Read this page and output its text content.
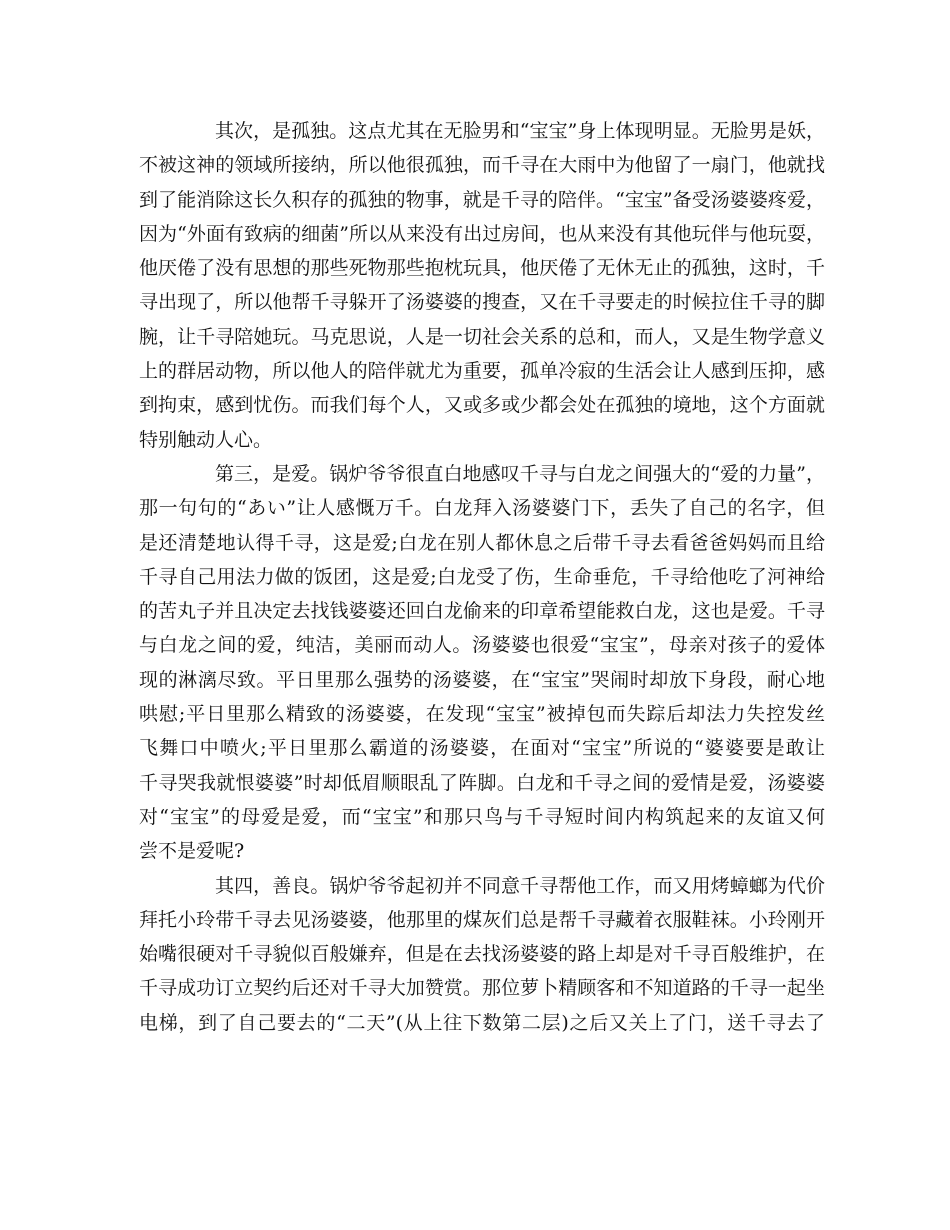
其次，是孤独。这点尤其在无脸男和“宝宝”身上体现明显。无脸男是妖，
不被这神的领域所接纳，所以他很孤独，而千寻在大雨中为他留了一扇门，他就找
到了能消除这长久积存的孤独的物事，就是千寻的陪伴。“宝宝”备受汤婆婆疼爱，
因为“外面有致病的细菌”所以从来没有出过房间，也从来没有其他玩伴与他玩耍，
他厌倦了没有思想的那些死物那些抱枕玩具，他厌倦了无休无止的孤独，这时，千
寻出现了，所以他帮千寻躲开了汤婆婆的搜查，又在千寻要走的时候拉住千寻的脚
腕，让千寻陪她玩。马克思说，人是一切社会关系的总和，而人，又是生物学意义
上的群居动物，所以他人的陪伴就尤为重要，孤单冷寂的生活会让人感到压抑，感
到拘束，感到忧伤。而我们每个人，又或多或少都会处在孤独的境地，这个方面就
特别触动人心。
第三，是爱。锅炉爷爷很直白地感叹千寻与白龙之间强大的“爱的力量”，
那一句句的“あい”让人感慨万千。白龙拜入汤婆婆门下，丢失了自己的名字，但
是还清楚地认得千寻，这是爱;白龙在别人都休息之后带千寻去看爸爸妈妈而且给
千寻自己用法力做的饭团，这是爱;白龙受了伤，生命垂危，千寻给他吃了河神给
的苦丸子并且决定去找钱婆婆还回白龙偷来的印章希望能救白龙，这也是爱。千寻
与白龙之间的爱，纯洁，美丽而动人。汤婆婆也很爱“宝宝”，母亲对孩子的爱体
现的淋漓尽致。平日里那么强势的汤婆婆，在“宝宝”哭闹时却放下身段，耐心地
哄慰;平日里那么精致的汤婆婆，在发现“宝宝”被掉包而失踪后却法力失控发丝
飞舞口中喷火;平日里那么霸道的汤婆婆，在面对“宝宝”所说的“婆婆要是敢让
千寻哭我就恨婆婆”时却低眉顺眼乱了阵脚。白龙和千寻之间的爱情是爱，汤婆婆
对“宝宝”的母爱是爱，而“宝宝”和那只鸟与千寻短时间内构筑起来的友谊又何
尝不是爱呢?
其四，善良。锅炉爷爷起初并不同意千寻帮他工作，而又用烤蟑螂为代价
拜托小玲带千寻去见汤婆婆，他那里的煤灰们总是帮千寻藏着衣服鞋袜。小玲刚开
始嘴很硬对千寻貌似百般嫌弃，但是在去找汤婆婆的路上却是对千寻百般维护，在
千寻成功订立契约后还对千寻大加赞赏。那位萝卜精顾客和不知道路的千寻一起坐
电梯，到了自己要去的“二天”(从上往下数第二层)之后又关上了门，送千寻去了
